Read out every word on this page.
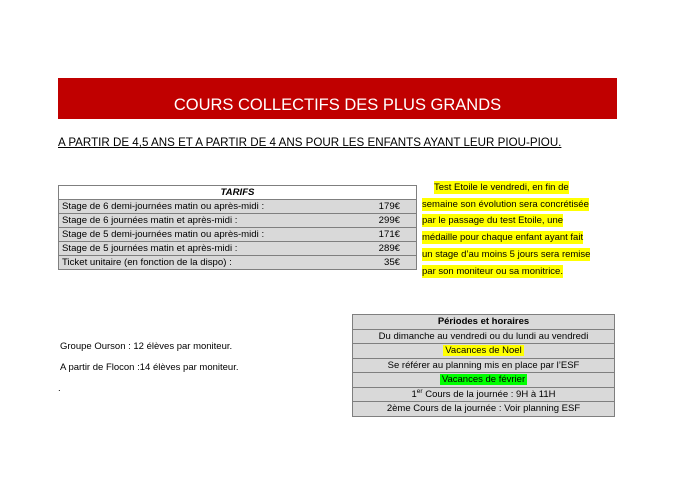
COURS COLLECTIFS DES PLUS GRANDS
A PARTIR DE 4,5 ANS ET A PARTIR DE 4 ANS POUR LES ENFANTS AYANT LEUR PIOU-PIOU.
TARIFS	
Stage de 6 demi-journées matin ou après-midi :	179€
Stage de 6 journées matin et après-midi :	299€
Stage de 5 demi-journées matin ou après-midi :	171€
Stage de 5 journées matin et après-midi :	289€
Ticket unitaire (en fonction de la dispo) :	35€
Test Etoile le vendredi, en fin de
semaine son évolution sera concrétisée
par le passage du test Etoile, une
médaille pour chaque enfant ayant fait
un stage d’au moins 5 jours sera remise
par son moniteur ou sa monitrice.
Groupe Ourson : 12 élèves par moniteur.
A partir de Flocon :14 élèves par moniteur.
.
Périodes et horaires
Du dimanche au vendredi ou du lundi au vendredi
Vacances de Noel
Se référer au planning mis en place par l’ESF
Vacances de février
1er Cours de la journée : 9H à 11H
2ème Cours de la journée : Voir planning ESF
